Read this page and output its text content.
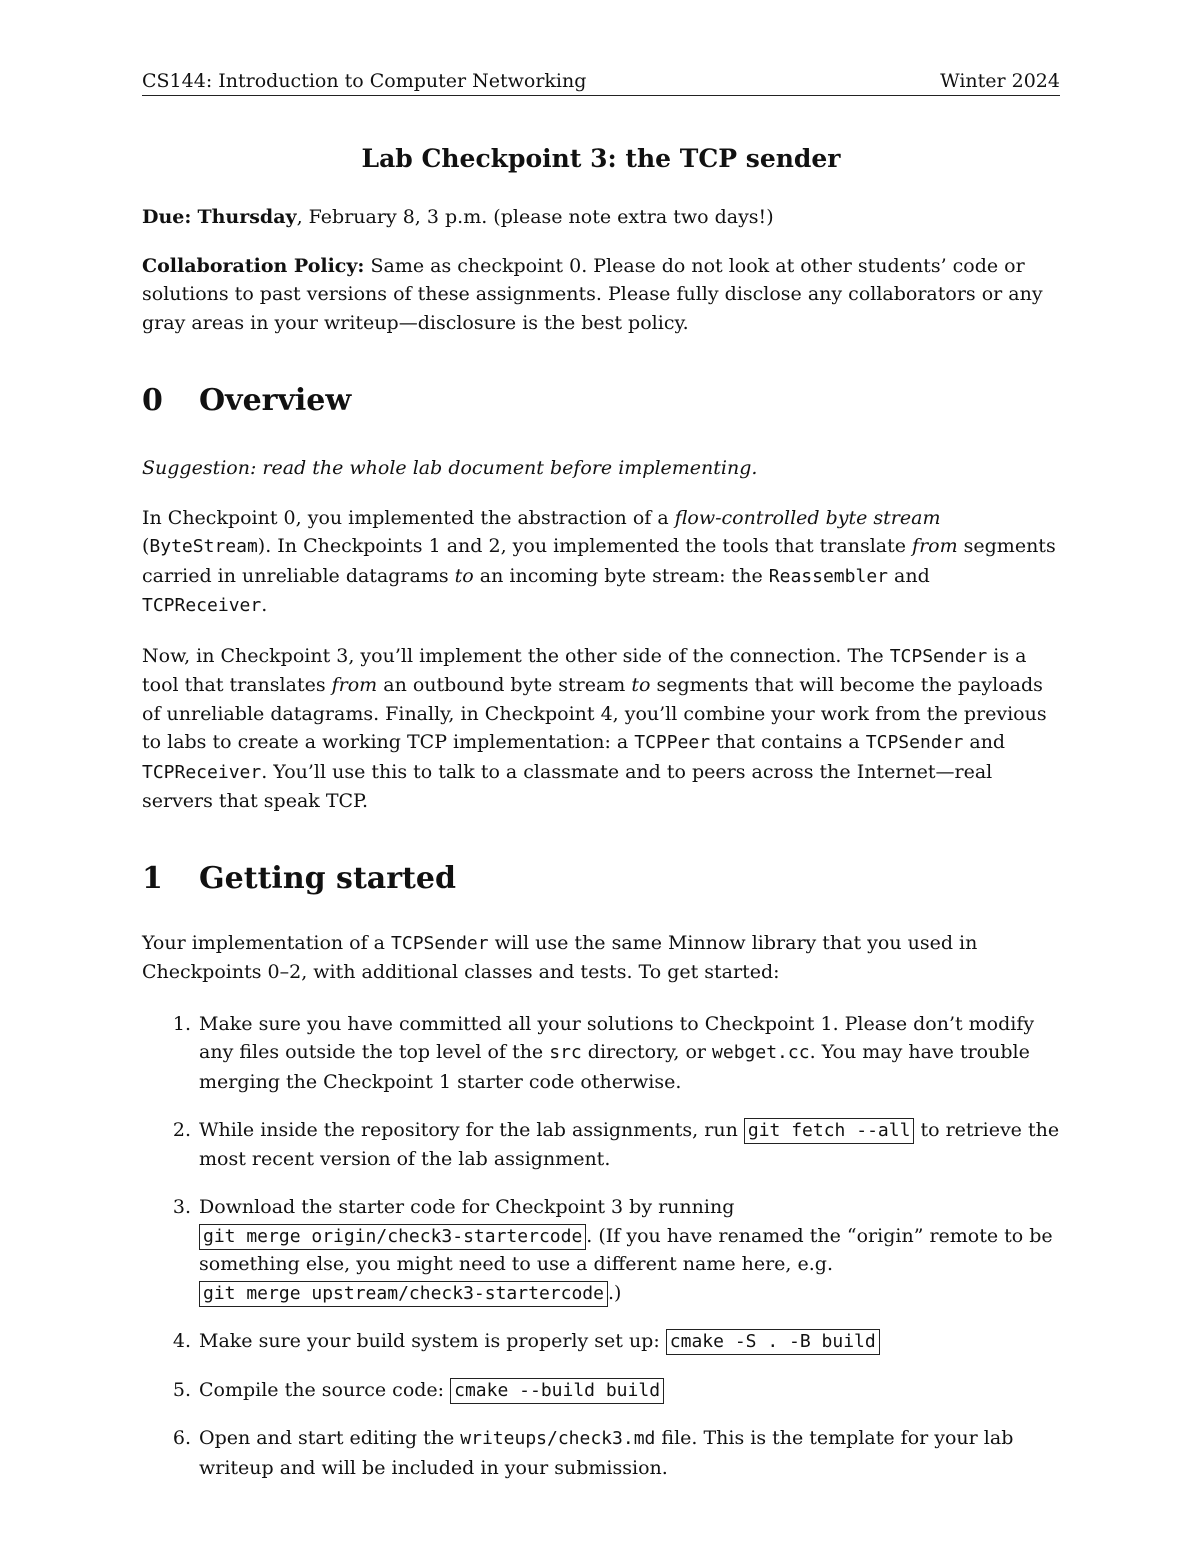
CS144: Introduction to Computer Networking	Winter 2024
Lab Checkpoint 3: the TCP sender

Due: Thursday, February 8, 3 p.m. (please note extra two days!)

Collaboration Policy: Same as checkpoint 0. Please do not look at other students’ code or solutions to past versions of these assignments. Please fully disclose any collaborators or any gray areas in your writeup—disclosure is the best policy.

0	Overview

Suggestion: read the whole lab document before implementing.

In Checkpoint 0, you implemented the abstraction of a flow-controlled byte stream (ByteStream). In Checkpoints 1 and 2, you implemented the tools that translate from segments carried in unreliable datagrams to an incoming byte stream: the Reassembler and TCPReceiver.

Now, in Checkpoint 3, you’ll implement the other side of the connection. The TCPSender is a tool that translates from an outbound byte stream to segments that will become the payloads of unreliable datagrams. Finally, in Checkpoint 4, you’ll combine your work from the previous to labs to create a working TCP implementation: a TCPPeer that contains a TCPSender and TCPReceiver. You’ll use this to talk to a classmate and to peers across the Internet—real servers that speak TCP.

1	Getting started

Your implementation of a TCPSender will use the same Minnow library that you used in Checkpoints 0–2, with additional classes and tests. To get started:

1. Make sure you have committed all your solutions to Checkpoint 1. Please don’t modify any files outside the top level of the src directory, or webget.cc. You may have trouble merging the Checkpoint 1 starter code otherwise.
2. While inside the repository for the lab assignments, run git fetch --all to retrieve the most recent version of the lab assignment.
3. Download the starter code for Checkpoint 3 by running git merge origin/check3-startercode . (If you have renamed the “origin” remote to be something else, you might need to use a different name here, e.g. git merge upstream/check3-startercode .)
4. Make sure your build system is properly set up: cmake -S . -B build
5. Compile the source code: cmake --build build
6. Open and start editing the writeups/check3.md file. This is the template for your lab writeup and will be included in your submission.
